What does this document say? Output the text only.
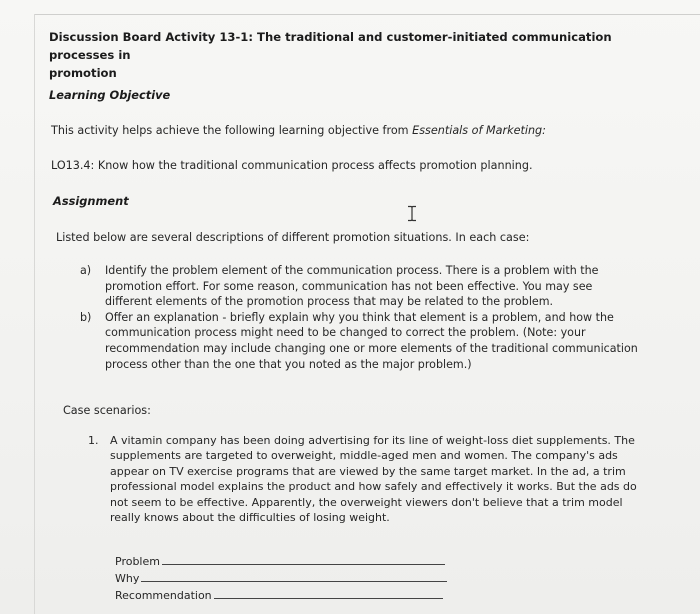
Discussion Board Activity 13-1: The traditional and customer-initiated communication processes in
promotion
Learning Objective
This activity helps achieve the following learning objective from Essentials of Marketing:
LO13.4: Know how the traditional communication process affects promotion planning.
Assignment
Listed below are several descriptions of different promotion situations. In each case:
a)	Identify the problem element of the communication process. There is a problem with the
promotion effort. For some reason, communication has not been effective. You may see
different elements of the promotion process that may be related to the problem.
b)	Offer an explanation - briefly explain why you think that element is a problem, and how the
communication process might need to be changed to correct the problem. (Note: your
recommendation may include changing one or more elements of the traditional communication
process other than the one that you noted as the major problem.)
Case scenarios:
1. A vitamin company has been doing advertising for its line of weight-loss diet supplements. The
supplements are targeted to overweight, middle-aged men and women. The company's ads
appear on TV exercise programs that are viewed by the same target market. In the ad, a trim
professional model explains the product and how safely and effectively it works. But the ads do
not seem to be effective. Apparently, the overweight viewers don't believe that a trim model
really knows about the difficulties of losing weight.
Problem
Why
Recommendation
